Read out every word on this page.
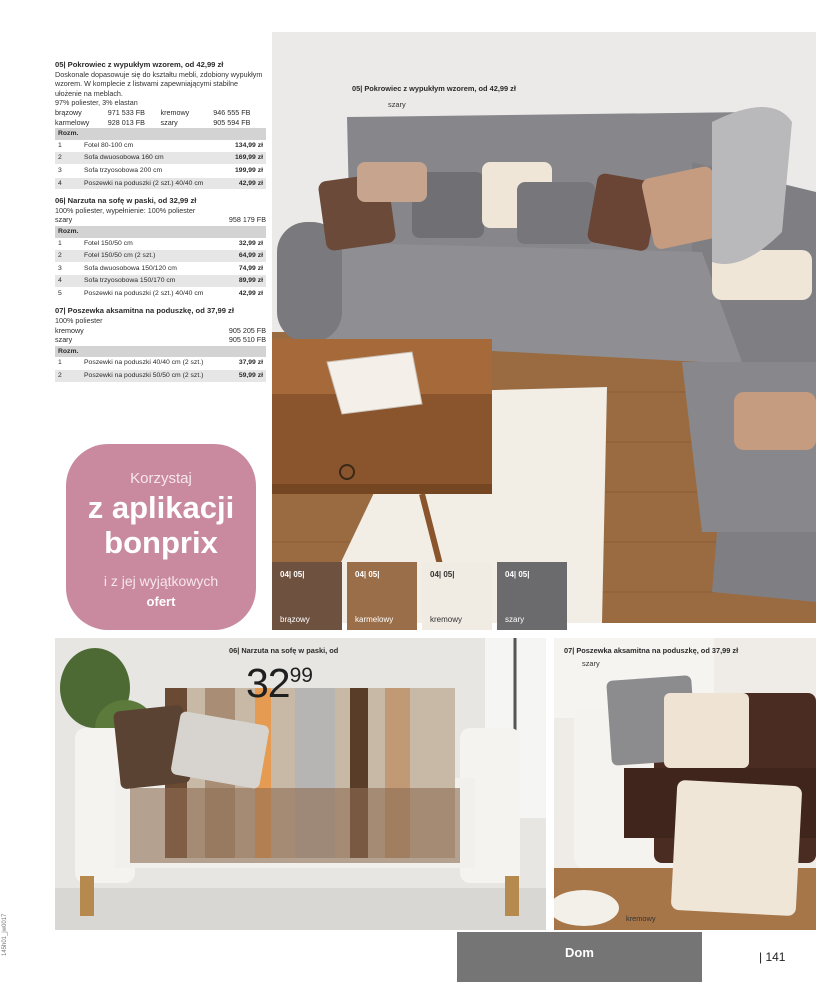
05| Pokrowiec z wypukłym wzorem, od 42,99 zł
Doskonale dopasowuje się do kształtu mebli, zdobiony wypukłym wzorem. W komplecie z listwami zapewniającymi stabilne ułożenie na meblach.
97% poliester, 3% elastan
brązowy	971 533 FB	kremowy	946 555 FB
karmelowy	928 013 FB	szary	905 594 FB
Rozm.		
1	Fotel 80-100 cm	134,99 zł
2	Sofa dwuosobowa 160 cm	169,99 zł
3	Sofa trzyosobowa 200 cm	199,99 zł
4	Poszewki na poduszki (2 szt.) 40/40 cm	42,99 zł
06| Narzuta na sofę w paski, od 32,99 zł
100% poliester, wypełnienie: 100% poliester
szary	958 179 FB
Rozm.		
1	Fotel 150/50 cm	32,99 zł
2	Fotel 150/50 cm (2 szt.)	64,99 zł
3	Sofa dwuosobowa 150/120 cm	74,99 zł
4	Sofa trzyosobowa 150/170 cm	89,99 zł
5	Poszewki na poduszki (2 szt.) 40/40 cm	42,99 zł
07| Poszewka aksamitna na poduszkę, od 37,99 zł
100% poliester
kremowy	905 205 FB
szary	905 510 FB
Rozm.		
1	Poszewki na poduszki 40/40 cm (2 szt.)	37,99 zł
2	Poszewki na poduszki 50/50 cm (2 szt.)	59,99 zł
Korzystaj
z aplikacji
bonprix
i z jej wyjątkowych
ofert
05| Pokrowiec z wypukłym wzorem, od 42,99 zł
szary
04| 05|
brązowy
04| 05|
karmelowy
04| 05|
kremowy
04| 05|
szary
06| Narzuta na sofę w paski, od
$32^{99}$
07| Poszewka aksamitna na poduszkę, od 37,99 zł
szary
kremowy
Dom	| 141
145h01_jw0017
